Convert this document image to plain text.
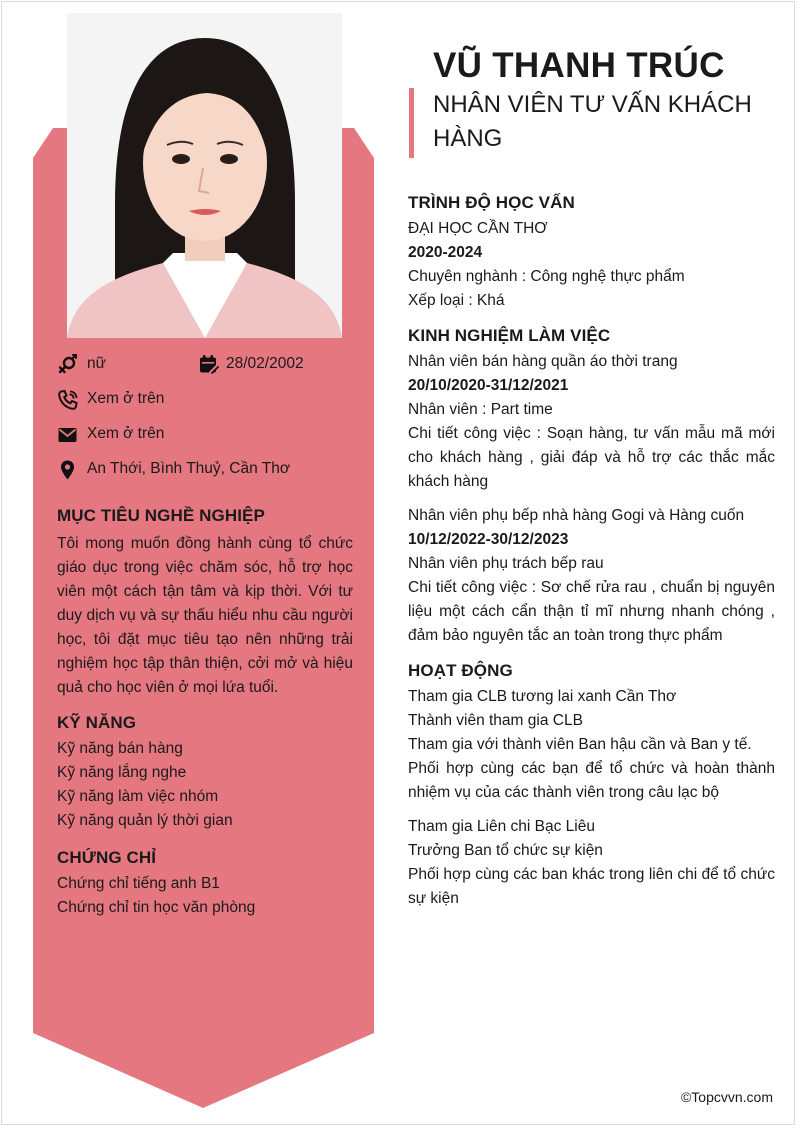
nữ	28/02/2002
Xem ở trên
Xem ở trên
An Thới, Bình Thuỷ, Cần Thơ
MỤC TIÊU NGHỀ NGHIỆP

Tôi mong muốn đồng hành cùng tổ chức giáo dục trong việc chăm sóc, hỗ trợ học viên một cách tận tâm và kịp thời. Với tư duy dịch vụ và sự thấu hiểu nhu cầu người học, tôi đặt mục tiêu tạo nên những trải nghiệm học tập thân thiện, cởi mở và hiệu quả cho học viên ở mọi lứa tuổi.

KỸ NĂNG

Kỹ năng bán hàng

Kỹ năng lắng nghe

Kỹ năng làm việc nhóm

Kỹ năng quản lý thời gian

CHỨNG CHỈ

Chứng chỉ tiếng anh B1

Chứng chỉ tin học văn phòng

VŨ THANH TRÚC

NHÂN VIÊN TƯ VẤN KHÁCH HÀNG

TRÌNH ĐỘ HỌC VẤN

ĐẠI HỌC CẦN THƠ

2020-2024

Chuyên nghành : Công nghệ thực phẩm

Xếp loại : Khá

KINH NGHIỆM LÀM VIỆC

Nhân viên bán hàng quần áo thời trang

20/10/2020-31/12/2021

Nhân viên : Part time

Chi tiết công việc : Soạn hàng, tư vấn mẫu mã mới cho khách hàng , giải đáp và hỗ trợ các thắc mắc khách hàng

Nhân viên phụ bếp nhà hàng Gogi và Hàng cuốn

10/12/2022-30/12/2023

Nhân viên phụ trách bếp rau

Chi tiết công việc : Sơ chế rửa rau , chuẩn bị nguyên liệu một cách cẩn thận tỉ mĩ nhưng nhanh chóng , đảm bảo nguyên tắc an toàn trong thực phẩm

HOẠT ĐỘNG

Tham gia CLB tương lai xanh Cần Thơ

Thành viên tham gia CLB

Tham gia với thành viên Ban hậu cần và Ban y tế.

Phối hợp cùng các bạn để tổ chức và hoàn thành nhiệm vụ của các thành viên trong câu lạc bộ

Tham gia Liên chi Bạc Liêu

Trưởng Ban tổ chức sự kiện

Phối hợp cùng các ban khác trong liên chi để tổ chức sự kiện

©Topcvvn.com
